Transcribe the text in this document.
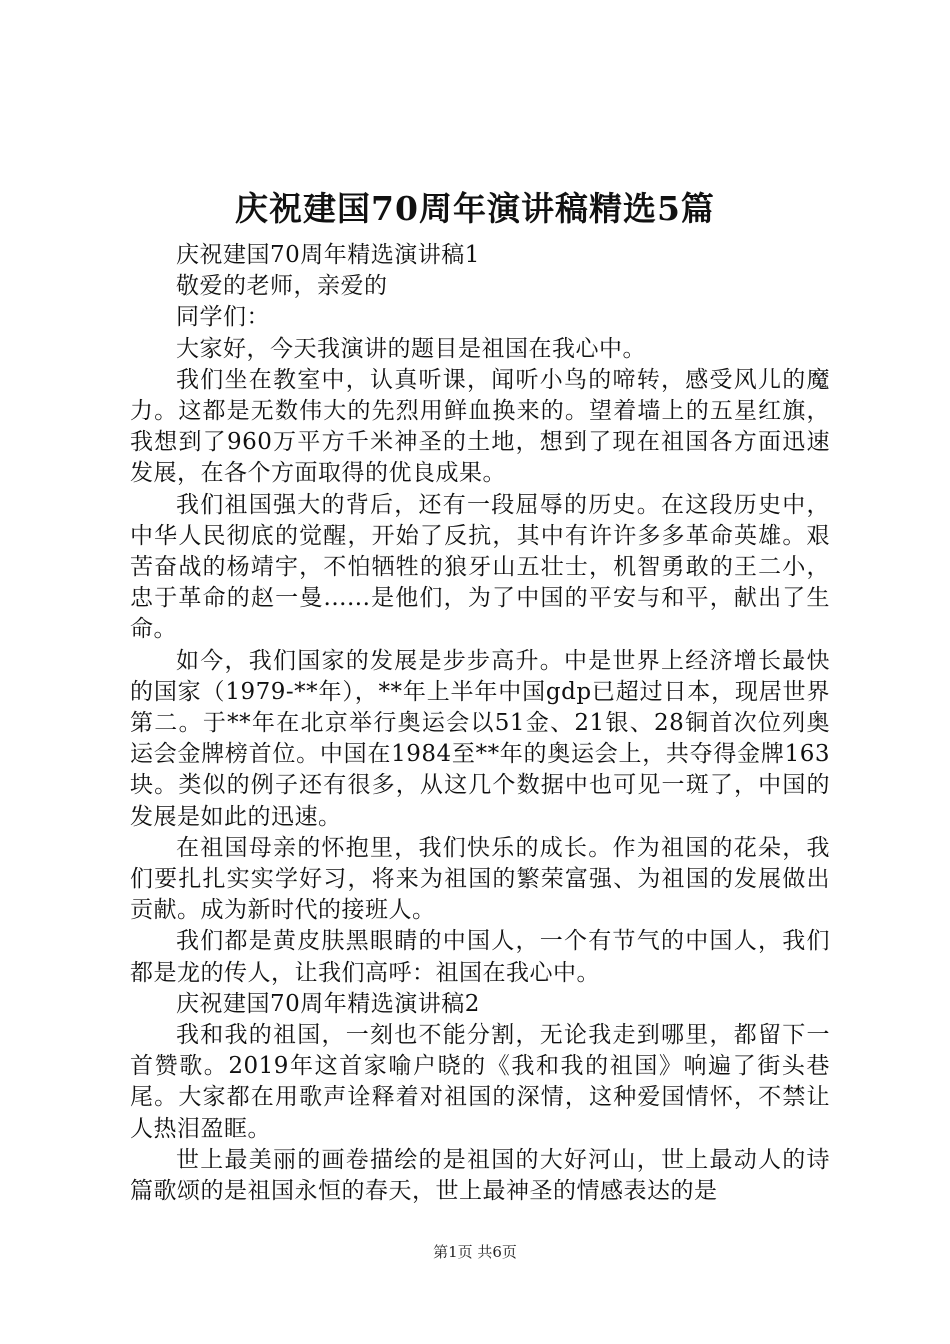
庆祝建国70周年演讲稿精选5篇

庆祝建国70周年精选演讲稿1

敬爱的老师，亲爱的

同学们：

大家好，今天我演讲的题目是祖国在我心中。

我们坐在教室中，认真听课，闻听小鸟的啼转，感受风儿的魔力。这都是无数伟大的先烈用鲜血换来的。望着墙上的五星红旗，我想到了960万平方千米神圣的土地，想到了现在祖国各方面迅速发展，在各个方面取得的优良成果。

我们祖国强大的背后，还有一段屈辱的历史。在这段历史中，中华人民彻底的觉醒，开始了反抗，其中有许许多多革命英雄。艰苦奋战的杨靖宇，不怕牺牲的狼牙山五壮士，机智勇敢的王二小，忠于革命的赵一曼......是他们，为了中国的平安与和平，献出了生命。

如今，我们国家的发展是步步高升。中是世界上经济增长最快的国家（1979-**年），**年上半年中国gdp已超过日本，现居世界第二。于**年在北京举行奥运会以51金、21银、28铜首次位列奥运会金牌榜首位。中国在1984至**年的奥运会上，共夺得金牌163块。类似的例子还有很多，从这几个数据中也可见一斑了，中国的发展是如此的迅速。

在祖国母亲的怀抱里，我们快乐的成长。作为祖国的花朵，我们要扎扎实实学好习，将来为祖国的繁荣富强、为祖国的发展做出贡献。成为新时代的接班人。

我们都是黄皮肤黑眼睛的中国人，一个有节气的中国人，我们都是龙的传人，让我们高呼：祖国在我心中。

庆祝建国70周年精选演讲稿2

我和我的祖国，一刻也不能分割，无论我走到哪里，都留下一首赞歌。2019年这首家喻户晓的《我和我的祖国》响遍了街头巷尾。大家都在用歌声诠释着对祖国的深情，这种爱国情怀，不禁让人热泪盈眶。

世上最美丽的画卷描绘的是祖国的大好河山，世上最动人的诗篇歌颂的是祖国永恒的春天，世上最神圣的情感表达的是

第1页 共6页
